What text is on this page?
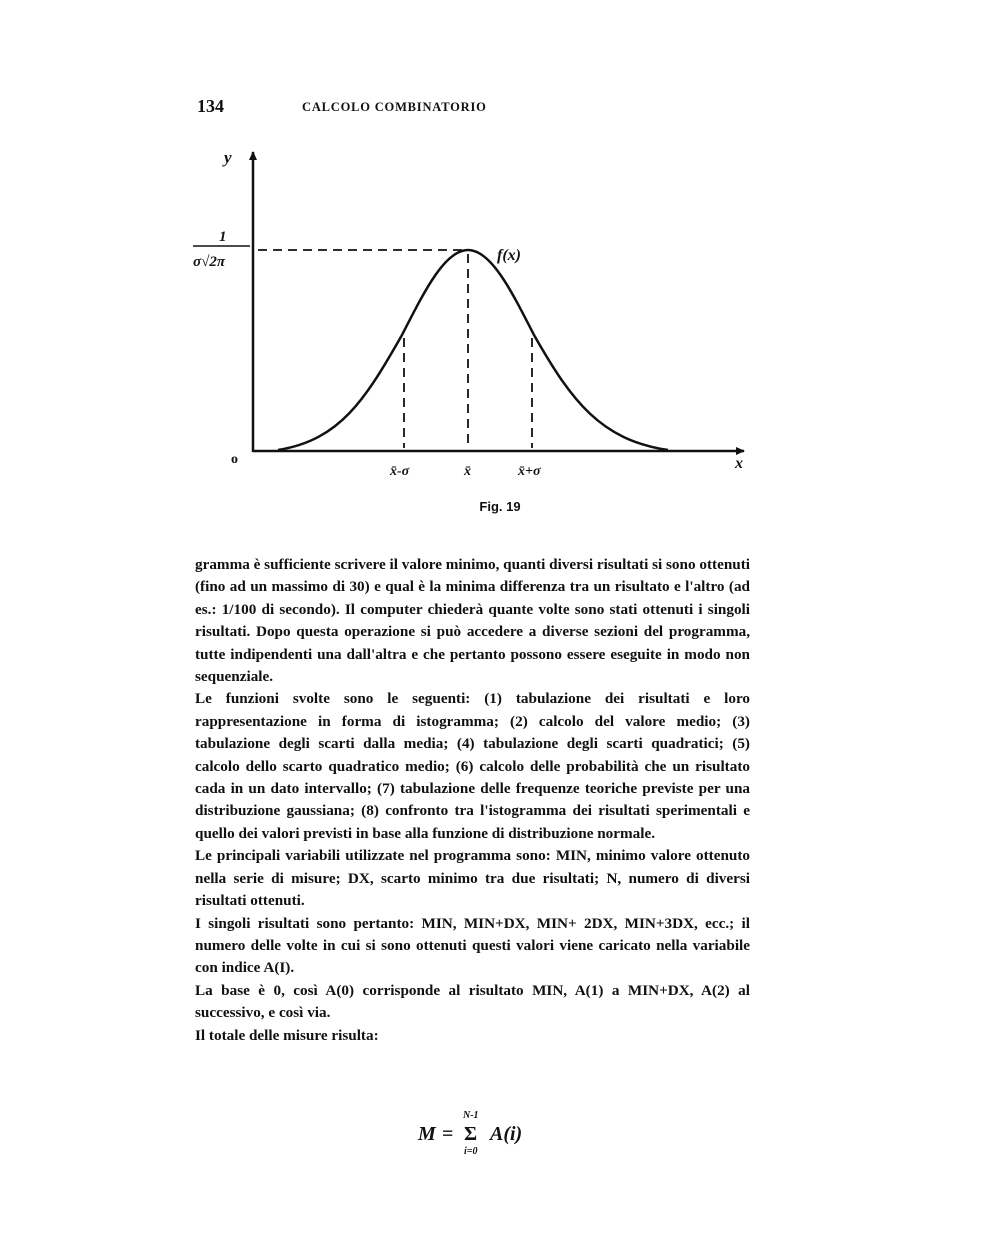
134	CALCOLO COMBINATORIO
1
σ√2π
y
x
o
f(x)
x̄-σ	x̄	x̄+σ
Fig. 19

gramma è sufficiente scrivere il valore minimo, quanti diversi risultati si sono ottenuti (fino ad un massimo di 30) e qual è la minima differenza tra un risultato e l'altro (ad es.: 1/100 di secondo). Il computer chiederà quante volte sono stati ottenuti i singoli risultati. Dopo questa operazione si può accedere a diverse sezioni del programma, tutte indipendenti una dall'altra e che pertanto possono essere eseguite in modo non sequenziale.

Le funzioni svolte sono le seguenti: (1) tabulazione dei risultati e loro rappresentazione in forma di istogramma; (2) calcolo del valore medio; (3) tabulazione degli scarti dalla media; (4) tabulazione degli scarti quadratici; (5) calcolo dello scarto quadratico medio; (6) calcolo delle probabilità che un risultato cada in un dato intervallo; (7) tabulazione delle frequenze teoriche previste per una distribuzione gaussiana; (8) confronto tra l'istogramma dei risultati sperimentali e quello dei valori previsti in base alla funzione di distribuzione normale.

Le principali variabili utilizzate nel programma sono: MIN, minimo valore ottenuto nella serie di misure; DX, scarto minimo tra due risultati; N, numero di diversi risultati ottenuti.

I singoli risultati sono pertanto: MIN, MIN+DX, MIN+ 2DX, MIN+3DX, ecc.; il numero delle volte in cui si sono ottenuti questi valori viene caricato nella variabile con indice A(I).

La base è 0, così A(0) corrisponde al risultato MIN, A(1) a MIN+DX, A(2) al successivo, e così via.

Il totale delle misure risulta:

M =
N-1
Σ
i=0
A(i)
